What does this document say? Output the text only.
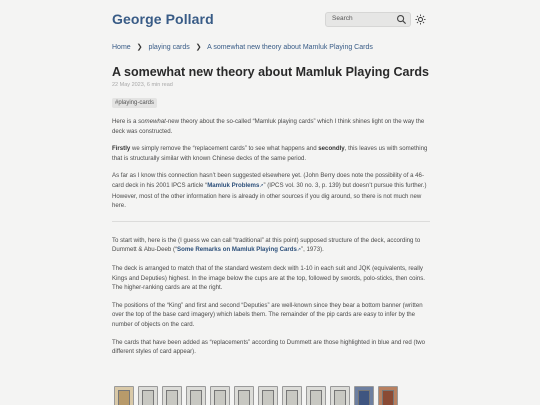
George Pollard	Search
Home ❯ playing cards ❯ A somewhat new theory about Mamluk Playing Cards
A somewhat new theory about Mamluk Playing Cards
22 May 2023, 6 min read
#playing-cards

Here is a somewhat-new theory about the so-called “Mamluk playing cards” which I think shines light on the way the deck was constructed.

Firstly we simply remove the “replacement cards” to see what happens and secondly, this leaves us with something that is structurally similar with known Chinese decks of the same period.

As far as I know this connection hasn’t been suggested elsewhere yet. (John Berry does note the possibility of a 46-card deck in his 2001 IPCS article “Mamluk Problems↗” (IPCS vol. 30 no. 3, p. 139) but doesn’t pursue this further.) However, most of the other information here is already in other sources if you dig around, so there is not much new here.

To start with, here is the (I guess we can call “traditional” at this point) supposed structure of the deck, according to Dummett & Abu-Deeb (“Some Remarks on Mamluk Playing Cards↗”, 1973).

The deck is arranged to match that of the standard western deck with 1-10 in each suit and JQK (equivalents, really Kings and Deputies) highest. In the image below the cups are at the top, followed by swords, polo-sticks, then coins. The higher-ranking cards are at the right.

The positions of the “King” and first and second “Deputies” are well-known since they bear a bottom banner (written over the top of the base card imagery) which labels them. The remainder of the pip cards are easy to infer by the number of objects on the card.

The cards that have been added as “replacements” according to Dummett are those highlighted in blue and red (two different styles of card appear).
